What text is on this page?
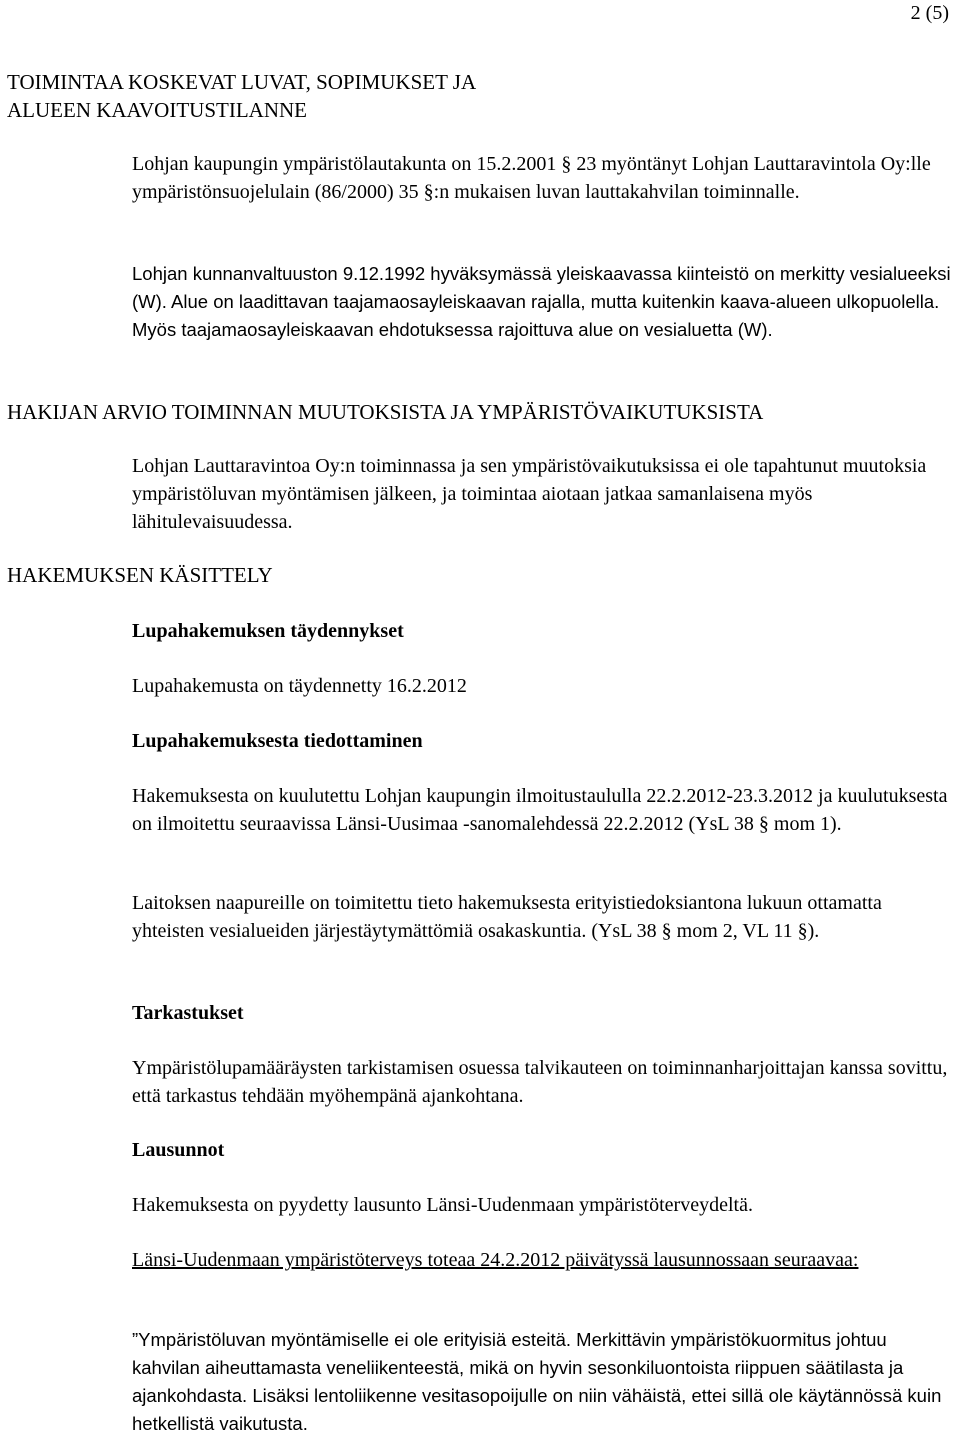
2 (5)
TOIMINTAA KOSKEVAT LUVAT, SOPIMUKSET JA
ALUEEN KAAVOITUSTILANNE

Lohjan kaupungin ympäristölautakunta on 15.2.2001 § 23 myöntänyt Lohjan Lauttaravintola Oy:lle ympäristönsuojelulain (86/2000) 35 §:n mukaisen luvan lauttakahvilan toiminnalle.

Lohjan kunnanvaltuuston 9.12.1992 hyväksymässä yleiskaavassa kiinteistö on merkitty vesialueeksi (W). Alue on laadittavan taajamaosayleiskaavan rajalla, mutta kuitenkin kaava-alueen ulkopuolella. Myös taajamaosayleiskaavan ehdotuksessa rajoittuva alue on vesialuetta (W).

HAKIJAN ARVIO TOIMINNAN MUUTOKSISTA JA YMPÄRISTÖVAIKUTUKSISTA

Lohjan Lauttaravintoa Oy:n toiminnassa ja sen ympäristövaikutuksissa ei ole tapahtunut muutoksia ympäristöluvan myöntämisen jälkeen, ja toimintaa aiotaan jatkaa samanlaisena myös lähitulevaisuudessa.

HAKEMUKSEN KÄSITTELY
Lupahakemuksen täydennykset

Lupahakemusta on täydennetty 16.2.2012

Lupahakemuksesta tiedottaminen

Hakemuksesta on kuulutettu Lohjan kaupungin ilmoitustaululla 22.2.2012-23.3.2012 ja kuulutuksesta on ilmoitettu seuraavissa Länsi-Uusimaa -sanomalehdessä 22.2.2012 (YsL 38 § mom 1).

Laitoksen naapureille on toimitettu tieto hakemuksesta erityistiedoksiantona lukuun ottamatta yhteisten vesialueiden järjestäytymättömiä osakaskuntia. (YsL 38 § mom 2, VL 11 §).

Tarkastukset

Ympäristölupamääräysten tarkistamisen osuessa talvikauteen on toiminnanharjoittajan kanssa sovittu, että tarkastus tehdään myöhempänä ajankohtana.

Lausunnot

Hakemuksesta on pyydetty lausunto Länsi-Uudenmaan ympäristöterveydeltä.

Länsi-Uudenmaan ympäristöterveys toteaa 24.2.2012 päivätyssä lausunnossaan seuraavaa:

”Ympäristöluvan myöntämiselle ei ole erityisiä esteitä. Merkittävin ympäristökuormitus johtuu kahvilan aiheuttamasta veneliikenteestä, mikä on hyvin sesonkiluontoista riippuen säätilasta ja ajankohdasta. Lisäksi lentoliikenne vesitasopoijulle on niin vähäistä, ettei sillä ole käytännössä kuin hetkellistä vaikutusta.
